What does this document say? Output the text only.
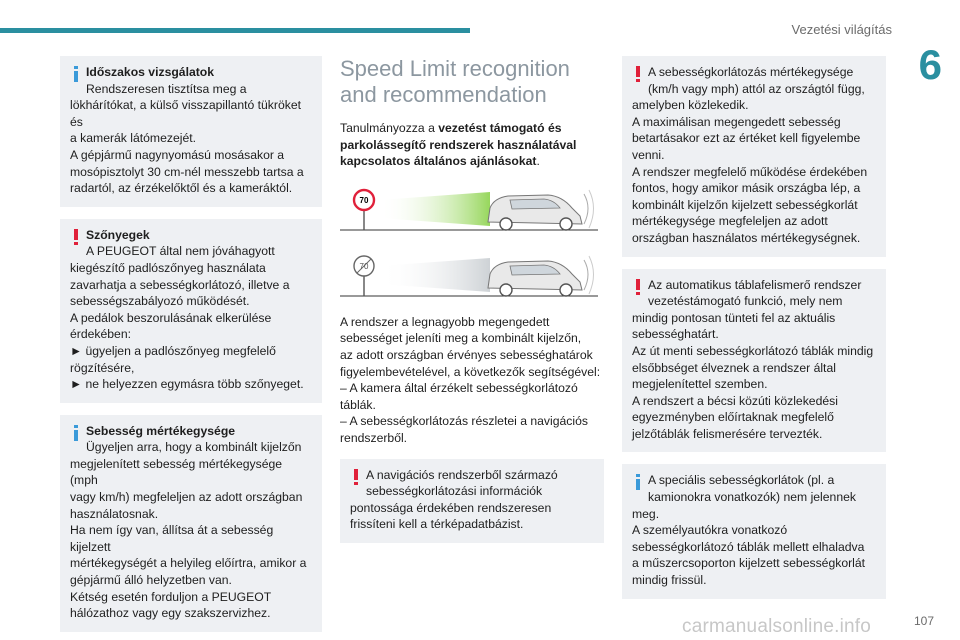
Vezetési világítás
6
Időszakos vizsgálatok

Rendszeresen tisztítsa meg a

lökhárítókat, a külső visszapillantó tükröket és

a kamerák látómezejét.

A gépjármű nagynyomású mosásakor a

mosópisztolyt 30 cm-nél messzebb tartsa a

radartól, az érzékelőktől és a kameráktól.

Szőnyegek

A PEUGEOT által nem jóváhagyott

kiegészítő padlószőnyeg használata

zavarhatja a sebességkorlátozó, illetve a

sebességszabályozó működését.

A pedálok beszorulásának elkerülése

érdekében:

► ügyeljen a padlószőnyeg megfelelő

rögzítésére,

► ne helyezzen egymásra több szőnyeget.

Sebesség mértékegysége

Ügyeljen arra, hogy a kombinált kijelzőn

megjelenített sebesség mértékegysége (mph

vagy km/h) megfeleljen az adott országban

használatosnak.

Ha nem így van, állítsa át a sebesség kijelzett

mértékegységét a helyileg előírtra, amikor a

gépjármű álló helyzetben van.

Kétség esetén forduljon a PEUGEOT

hálózathoz vagy egy szakszervizhez.

Speed Limit recognition
and recommendation

Tanulmányozza a vezetést támogató és parkolássegítő rendszerek használatával kapcsolatos általános ajánlásokat.

70
70

A rendszer a legnagyobb megengedett

sebességet jeleníti meg a kombinált kijelzőn,

az adott országban érvényes sebességhatárok

figyelembevételével, a következők segítségével:

– A kamera által érzékelt sebességkorlátozó

táblák.

– A sebességkorlátozás részletei a navigációs

rendszerből.

A navigációs rendszerből származó

sebességkorlátozási információk

pontossága érdekében rendszeresen

frissíteni kell a térképadatbázist.

A sebességkorlátozás mértékegysége

(km/h vagy mph) attól az országtól függ,

amelyben közlekedik.

A maximálisan megengedett sebesség

betartásakor ezt az értéket kell figyelembe

venni.

A rendszer megfelelő működése érdekében

fontos, hogy amikor másik országba lép, a

kombinált kijelzőn kijelzett sebességkorlát

mértékegysége megfeleljen az adott

országban használatos mértékegységnek.

Az automatikus táblafelismerő rendszer

vezetéstámogató funkció, mely nem

mindig pontosan tünteti fel az aktuális

sebességhatárt.

Az út menti sebességkorlátozó táblák mindig

elsőbbséget élveznek a rendszer által

megjelenítettel szemben.

A rendszert a bécsi közúti közlekedési

egyezményben előírtaknak megfelelő

jelzőtáblák felismerésére tervezték.

A speciális sebességkorlátok (pl. a

kamionokra vonatkozók) nem jelennek

meg.

A személyautókra vonatkozó

sebességkorlátozó táblák mellett elhaladva

a műszercsoporton kijelzett sebességkorlát

mindig frissül.

carmanualsonline.info	107
